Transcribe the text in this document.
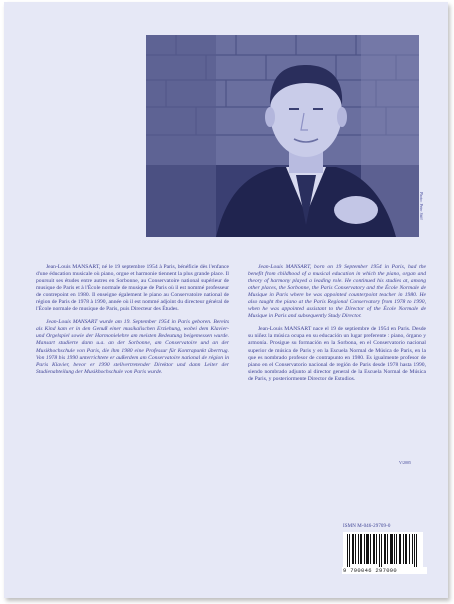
Photo: Peter Stiff

Jean-Louis MANSART, né le 19 septembre 1954 à Paris, bénéficie dès l'enfance d'une éducation musicale où piano, orgue et harmonie tiennent la plus grande place. Il poursuit ses études entre autres en Sorbonne, au Conservatoire national supérieur de musique de Paris et à l'École normale de musique de Paris où il est nommé professeur de contrepoint en 1980. Il enseigne également le piano au Conservatoire national de région de Paris de 1978 à 1990, année où il est nommé adjoint du directeur général de l'École normale de musique de Paris, puis Directeur des Études.

Jean-Louis MANSART wurde am 19. September 1954 in Paris geboren. Bereits als Kind kam er in den Genuß einer musikalischen Erziehung, wobei dem Klavier- und Orgelspiel sowie der Harmonielehre am meisten Bedeutung beigemessen wurde. Mansart studierte dann u.a. an der Sorbonne, am Conservatoire und an der Musikhochschule von Paris, die ihm 1980 eine Professur für Kontrapunkt übertrug. Von 1978 bis 1990 unterrichtete er außerdem am Conservatoire national de région in Paris Klavier, bevor er 1990 stellvertretender Direktor und dann Leiter der Studienabteilung der Musikhochschule von Paris wurde.

Jean-Louis MANSART, born on 19 September 1954 in Paris, had the benefit from childhood of a musical education in which the piano, organ and theory of harmony played a leading role. He continued his studies at, among other places, the Sorbonne, the Paris Conservatory and the École Normale de Musique in Paris where he was appointed counterpoint teacher in 1980. He also taught the piano at the Paris Regional Conservatory from 1978 to 1990, when he was appointed assistant to the Director of the École Normale de Musique in Paris and subsequently Study Director.

Jean-Louis MANSART nace el 19 de septiembre de 1954 en Paris. Desde su niñez la música ocupa en su educación un lugar preferente : piano, órgano y armonía. Prosigue su formación en la Sorbona, en el Conservatorio nacional superior de música de Paris y en la Escuela Normal de Música de Paris, en la que es nombrado profesor de contrapunto en 1980. Es igualmente profesor de piano en el Conservatorio nacional de región de Paris desde 1978 hasta 1990, siendo nombrado adjunto al director general de la Escuela Normal de Música de Paris, y posteriormente Director de Estudios.

V/2005
ISMN M-046-29709-0
9 790046 297090
